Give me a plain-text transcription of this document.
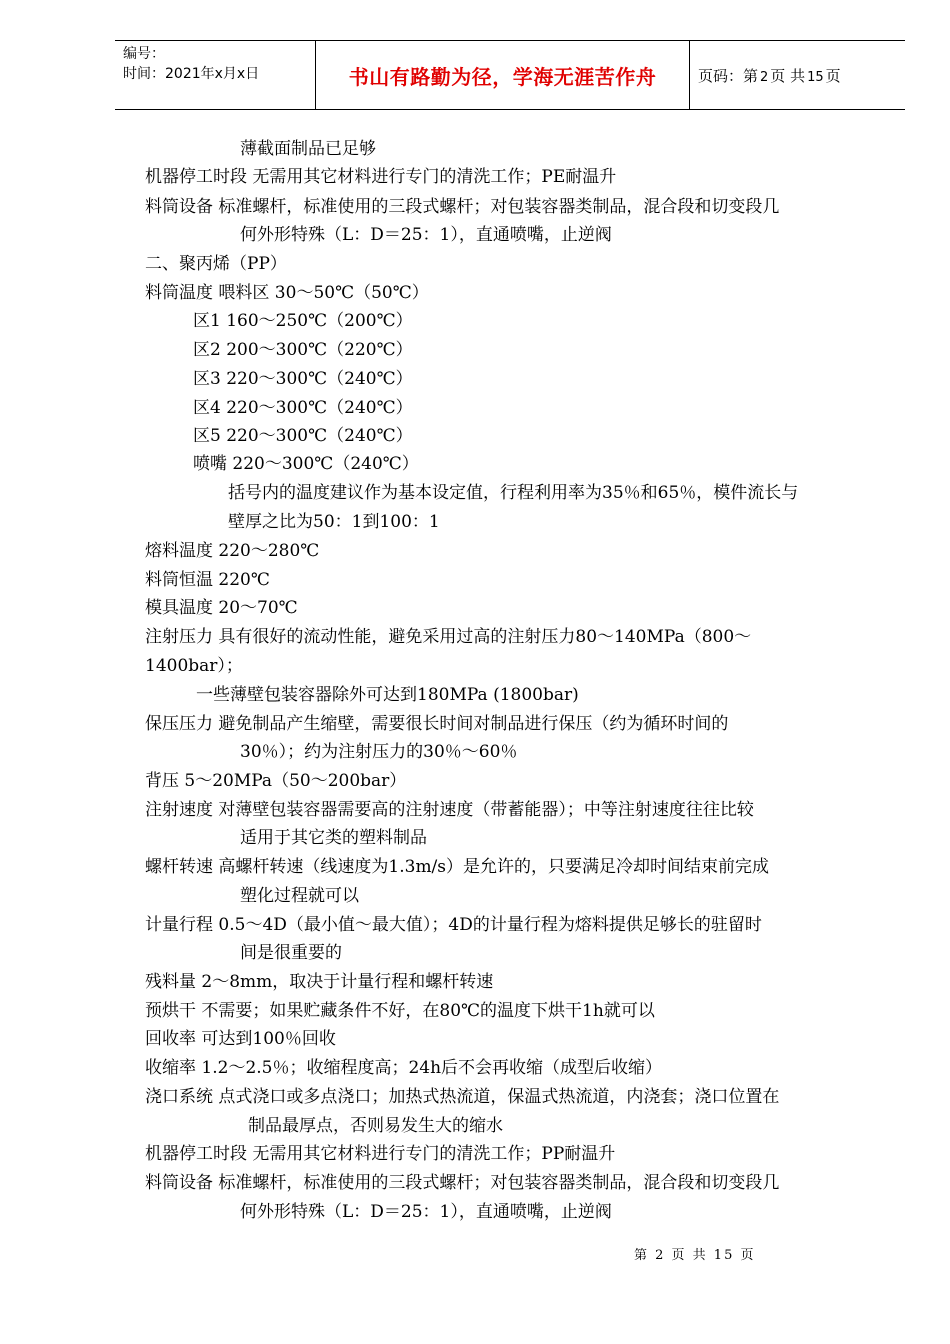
编号：
时间：2021年x月x日	书山有路勤为径，学海无涯苦作舟	页码：第 2 页 共 15 页
薄截面制品已足够
机器停工时段 无需用其它材料进行专门的清洗工作；PE耐温升
料筒设备 标准螺杆，标准使用的三段式螺杆；对包装容器类制品，混合段和切变段几
何外形特殊（L：D＝25：1），直通喷嘴，止逆阀
二、聚丙烯（PP）
料筒温度 喂料区 30～50℃（50℃）
区1 160～250℃（200℃）
区2 200～300℃（220℃）
区3 220～300℃（240℃）
区4 220～300℃（240℃）
区5 220～300℃（240℃）
喷嘴 220～300℃（240℃）
括号内的温度建议作为基本设定值，行程利用率为35％和65％，模件流长与
壁厚之比为50：1到100：1
熔料温度 220～280℃
料筒恒温 220℃
模具温度 20～70℃
注射压力 具有很好的流动性能，避免采用过高的注射压力80～140MPa（800～
1400bar）；
一些薄壁包装容器除外可达到180MPa (1800bar)
保压压力 避免制品产生缩壁，需要很长时间对制品进行保压（约为循环时间的
30％）；约为注射压力的30％～60％
背压 5～20MPa（50～200bar）
注射速度 对薄壁包装容器需要高的注射速度（带蓄能器）；中等注射速度往往比较
适用于其它类的塑料制品
螺杆转速 高螺杆转速（线速度为1.3m/s）是允许的，只要满足冷却时间结束前完成
塑化过程就可以
计量行程 0.5～4D（最小值～最大值）；4D的计量行程为熔料提供足够长的驻留时
间是很重要的
残料量 2～8mm，取决于计量行程和螺杆转速
预烘干 不需要；如果贮藏条件不好，在80℃的温度下烘干1h就可以
回收率 可达到100％回收
收缩率 1.2～2.5％；收缩程度高；24h后不会再收缩（成型后收缩）
浇口系统 点式浇口或多点浇口；加热式热流道，保温式热流道，内浇套；浇口位置在
制品最厚点，否则易发生大的缩水
机器停工时段 无需用其它材料进行专门的清洗工作；PP耐温升
料筒设备 标准螺杆，标准使用的三段式螺杆；对包装容器类制品，混合段和切变段几
何外形特殊（L：D＝25：1），直通喷嘴，止逆阀
第 2 页 共 15 页
